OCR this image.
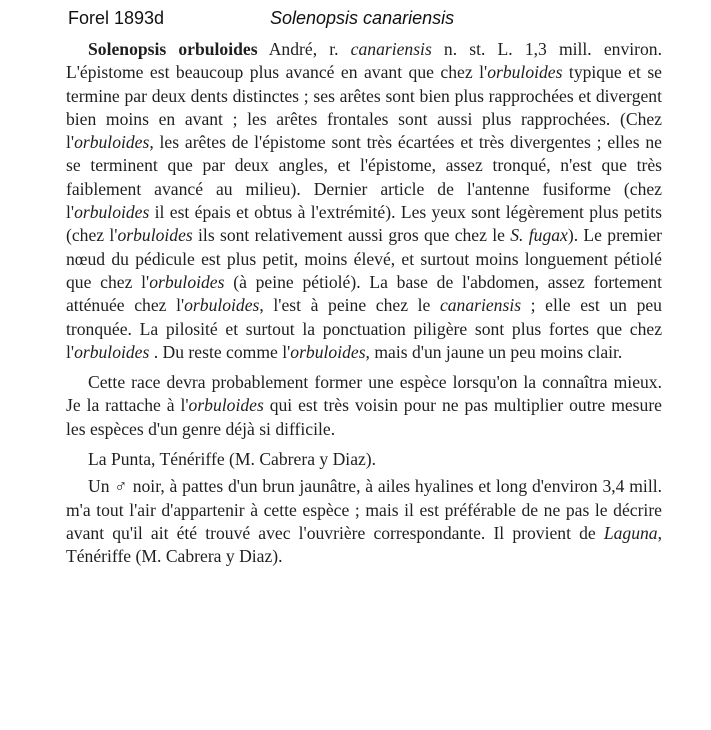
Forel 1893d	Solenopsis canariensis

Solenopsis orbuloides André, r. canariensis n. st. L. 1,3 mill. environ. L'épistome est beaucoup plus avancé en avant que chez l'orbuloides typique et se termine par deux dents distinctes ; ses arêtes sont bien plus rapprochées et divergent bien moins en avant ; les arêtes frontales sont aussi plus rapprochées. (Chez l'orbuloides, les arêtes de l'épistome sont très écartées et très divergentes ; elles ne se terminent que par deux angles, et l'épistome, assez tronqué, n'est que très faiblement avancé au milieu). Dernier article de l'antenne fusiforme (chez l'orbuloides il est épais et obtus à l'extrémité). Les yeux sont légèrement plus petits (chez l'orbuloides ils sont relativement aussi gros que chez le S. fugax). Le premier nœud du pédicule est plus petit, moins élevé, et surtout moins longuement pétiolé que chez l'orbuloides (à peine pétiolé). La base de l'abdomen, assez fortement atténuée chez l'orbuloides, l'est à peine chez le canariensis ; elle est un peu tronquée. La pilosité et surtout la ponctuation piligère sont plus fortes que chez l'orbuloides . Du reste comme l'orbuloides, mais d'un jaune un peu moins clair.

Cette race devra probablement former une espèce lorsqu'on la connaîtra mieux. Je la rattache à l'orbuloides qui est très voisin pour ne pas multiplier outre mesure les espèces d'un genre déjà si difficile.

La Punta, Ténériffe (M. Cabrera y Diaz).

Un ♂ noir, à pattes d'un brun jaunâtre, à ailes hyalines et long d'environ 3,4 mill. m'a tout l'air d'appartenir à cette espèce ; mais il est préférable de ne pas le décrire avant qu'il ait été trouvé avec l'ouvrière correspondante. Il provient de Laguna, Ténériffe (M. Cabrera y Diaz).
